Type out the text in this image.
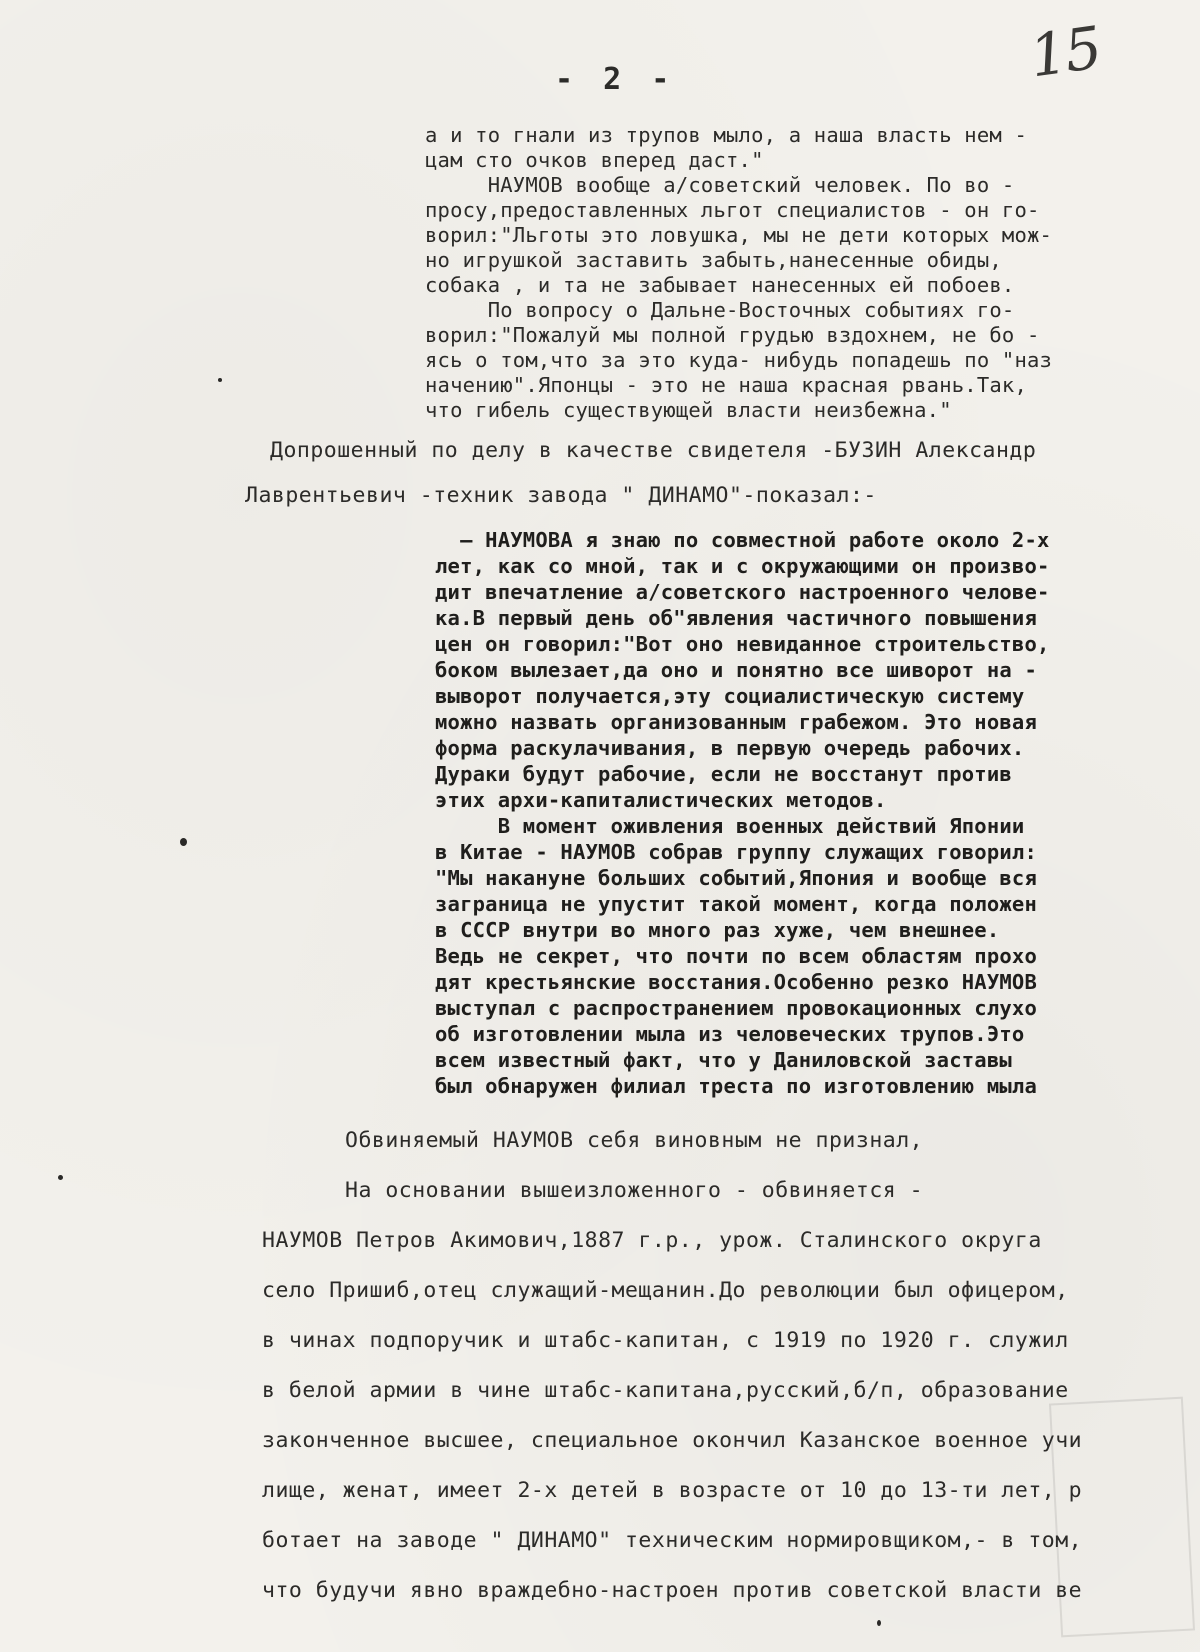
15
- 2 -
а и то гнали из трупов мыло, а наша власть нем -
цам сто очков вперед даст."
НАУМОВ вообще а/советский человек. По во -
просу,предоставленных льгот специалистов - он го-
ворил:"Льготы это ловушка, мы не дети которых мож-
но игрушкой заставить забыть,нанесенные обиды,
собака , и та не забывает нанесенных ей побоев.
По вопросу о Дальне-Восточных событиях го-
ворил:"Пожалуй мы полной грудью вздохнем, не бо -
ясь о том,что за это куда- нибудь попадешь по "наз
начению".Японцы - это не наша красная рвань.Так,
что гибель существующей власти неизбежна."
Допрошенный по делу в качестве свидетеля -БУЗИН Александр
Лаврентьевич -техник завода " ДИНАМО"-показал:-
— НАУМОВА я знаю по совместной работе около 2-х
лет, как со мной, так и с окружающими он произво-
дит впечатление а/советского настроенного челове-
ка.В первый день об"явления частичного повышения
цен он говорил:"Вот оно невиданное строительство,
боком вылезает,да оно и понятно все шиворот на -
выворот получается,эту социалистическую систему
можно назвать организованным грабежом. Это новая
форма раскулачивания, в первую очередь рабочих.
Дураки будут рабочие, если не восстанут против
этих архи-капиталистических методов.
В момент оживления военных действий Японии
в Китае - НАУМОВ собрав группу служащих говорил:
"Мы накануне больших событий,Япония и вообще вся
заграница не упустит такой момент, когда положен
в СССР внутри во много раз хуже, чем внешнее.
Ведь не секрет, что почти по всем областям прохо
дят крестьянские восстания.Особенно резко НАУМОВ
выступал с распространением провокационных слухо
об изготовлении мыла из человеческих трупов.Это
всем известный факт, что у Даниловской заставы
был обнаружен филиал треста по изготовлению мыла
Обвиняемый НАУМОВ себя виновным не признал,
На основании вышеизложенного - обвиняется -
НАУМОВ Петров Акимович,1887 г.р., урож. Сталинского округа
село Пришиб,отец служащий-мещанин.До революции был офицером,
в чинах подпоручик и штабс-капитан, с 1919 по 1920 г. служил
в белой армии в чине штабс-капитана,русский,б/п, образование
законченное высшее, специальное окончил Казанское военное учи
лище, женат, имеет 2-х детей в возрасте от 10 до 13-ти лет, р
ботает на заводе " ДИНАМО" техническим нормировщиком,- в том,
что будучи явно враждебно-настроен против советской власти ве
